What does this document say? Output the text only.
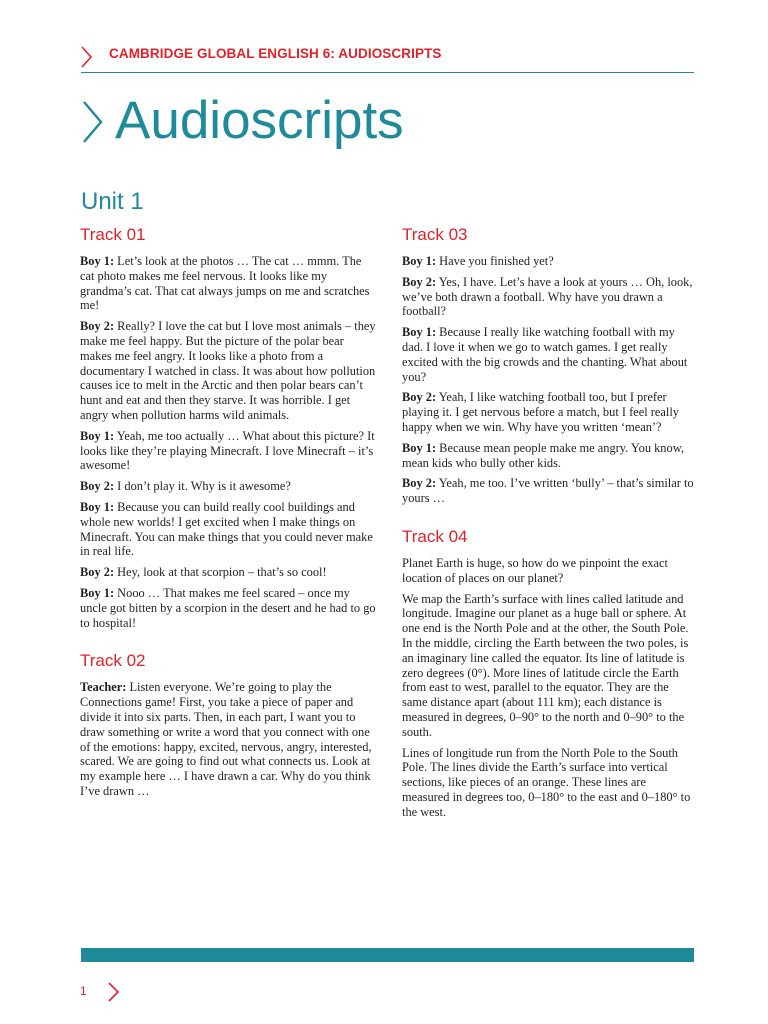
CAMBRIDGE GLOBAL ENGLISH 6: AUDIOSCRIPTS
Audioscripts
Unit 1
Track 01

Boy 1: Let’s look at the photos … The cat … mmm. The cat photo makes me feel nervous. It looks like my grandma’s cat. That cat always jumps on me and scratches me!

Boy 2: Really? I love the cat but I love most animals – they make me feel happy. But the picture of the polar bear makes me feel angry. It looks like a photo from a documentary I watched in class. It was about how pollution causes ice to melt in the Arctic and then polar bears can’t hunt and eat and then they starve. It was horrible. I get angry when pollution harms wild animals.

Boy 1: Yeah, me too actually … What about this picture? It looks like they’re playing Minecraft. I love Minecraft – it’s awesome!

Boy 2: I don’t play it. Why is it awesome?

Boy 1: Because you can build really cool buildings and whole new worlds! I get excited when I make things on Minecraft. You can make things that you could never make in real life.

Boy 2: Hey, look at that scorpion – that’s so cool!

Boy 1: Nooo … That makes me feel scared – once my uncle got bitten by a scorpion in the desert and he had to go to hospital!

Track 02

Teacher: Listen everyone. We’re going to play the Connections game! First, you take a piece of paper and divide it into six parts. Then, in each part, I want you to draw something or write a word that you connect with one of the emotions: happy, excited, nervous, angry, interested, scared. We are going to find out what connects us. Look at my example here … I have drawn a car. Why do you think I’ve drawn …

Track 03

Boy 1: Have you finished yet?

Boy 2: Yes, I have. Let’s have a look at yours … Oh, look, we’ve both drawn a football. Why have you drawn a football?

Boy 1: Because I really like watching football with my dad. I love it when we go to watch games. I get really excited with the big crowds and the chanting. What about you?

Boy 2: Yeah, I like watching football too, but I prefer playing it. I get nervous before a match, but I feel really happy when we win. Why have you written ‘mean’?

Boy 1: Because mean people make me angry. You know, mean kids who bully other kids.

Boy 2: Yeah, me too. I’ve written ‘bully’ – that’s similar to yours …

Track 04

Planet Earth is huge, so how do we pinpoint the exact location of places on our planet?

We map the Earth’s surface with lines called latitude and longitude. Imagine our planet as a huge ball or sphere. At one end is the North Pole and at the other, the South Pole. In the middle, circling the Earth between the two poles, is an imaginary line called the equator. Its line of latitude is zero degrees (0°). More lines of latitude circle the Earth from east to west, parallel to the equator. They are the same distance apart (about 111 km); each distance is measured in degrees, 0–90° to the north and 0–90° to the south.

Lines of longitude run from the North Pole to the South Pole. The lines divide the Earth’s surface into vertical sections, like pieces of an orange. These lines are measured in degrees too, 0–180° to the east and 0–180° to the west.

1
